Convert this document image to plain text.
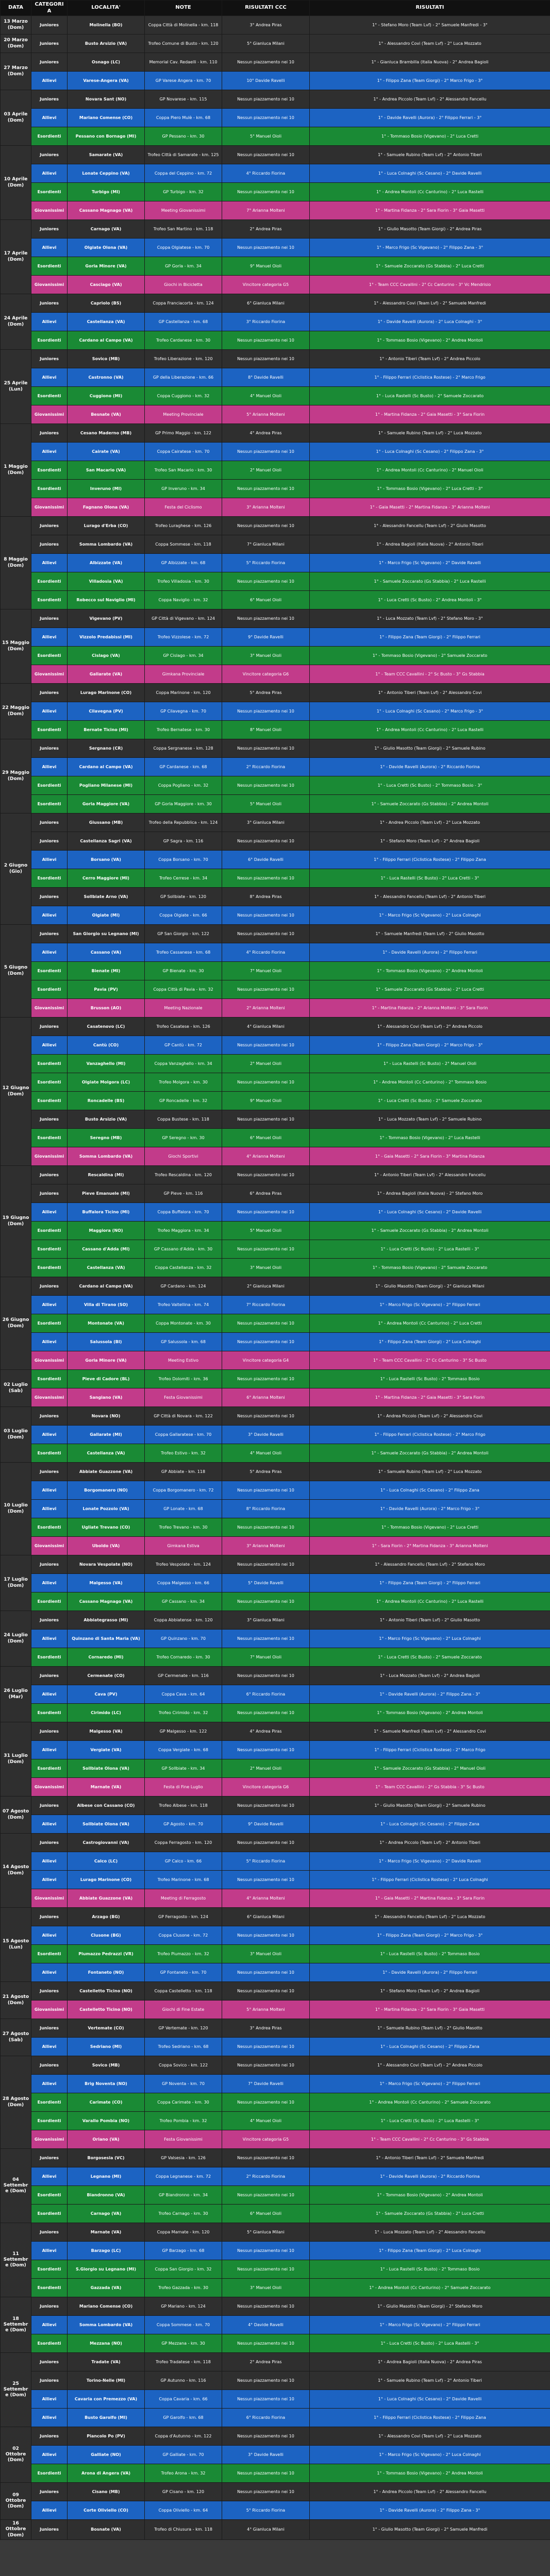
DATA	CATEGORIA	LOCALITA'	NOTE	RISULTATI CCC	RISULTATI
13 Marzo (Dom)	Juniores	Molinella (BO)	Coppa Città di Molinella - km. 118	3° Andrea Piras	1° - Stefano Moro (Team Lvf) - 2° Samuele Manfredi - 3°
20 Marzo (Dom)	Juniores	Busto Arsizio (VA)	Trofeo Comune di Busto - km. 120	5° Gianluca Milani	1° - Alessandro Covi (Team Lvf) - 2° Luca Mozzato
27 Marzo (Dom)	Juniores	Osnago (LC)	Memorial Cav. Redaelli - km. 110	Nessun piazzamento nei 10	1° - Gianluca Brambilla (Italia Nuova) - 2° Andrea Bagioli
	Allievi	Varese-Angera (VA)	GP Varese Angera - km. 70	10° Davide Ravelli	1° - Filippo Zana (Team Giorgi) - 2° Marco Frigo - 3°
03 Aprile (Dom)	Juniores	Novara Sant (NO)	GP Novarese - km. 115	Nessun piazzamento nei 10	1° - Andrea Piccolo (Team Lvf) - 2° Alessandro Fancellu
	Allievi	Mariano Comense (CO)	Coppa Piero Mulè - km. 68	Nessun piazzamento nei 10	1° - Davide Ravelli (Aurora) - 2° Filippo Ferrari - 3°
	Esordienti	Pessano con Bornago (MI)	GP Pessano - km. 30	5° Manuel Oioli	1° - Tommaso Bosio (Vigevano) - 2° Luca Cretti
10 Aprile (Dom)	Juniores	Samarate (VA)	Trofeo Città di Samarate - km. 125	Nessun piazzamento nei 10	1° - Samuele Rubino (Team Lvf) - 2° Antonio Tiberi
	Allievi	Lonate Ceppino (VA)	Coppa del Ceppino - km. 72	4° Riccardo Fiorina	1° - Luca Colnaghi (Sc Cesano) - 2° Davide Ravelli
	Esordienti	Turbigo (MI)	GP Turbigo - km. 32	Nessun piazzamento nei 10	1° - Andrea Montoli (Cc Canturino) - 2° Luca Rastelli
	Giovanissimi	Cassano Magnago (VA)	Meeting Giovanissimi	7° Arianna Molteni	1° - Martina Fidanza - 2° Sara Fiorin - 3° Gaia Masetti
17 Aprile (Dom)	Juniores	Carnago (VA)	Trofeo San Martino - km. 118	2° Andrea Piras	1° - Giulio Masotto (Team Giorgi) - 2° Andrea Piras
	Allievi	Olgiate Olona (VA)	Coppa Olgiatese - km. 70	Nessun piazzamento nei 10	1° - Marco Frigo (Sc Vigevano) - 2° Filippo Zana - 3°
	Esordienti	Gorla Minore (VA)	GP Gorla - km. 34	9° Manuel Oioli	1° - Samuele Zoccarato (Gs Stabbia) - 2° Luca Cretti
	Giovanissimi	Casciago (VA)	Giochi in Bicicletta	Vincitore categoria G5	1° - Team CCC Cavallini - 2° Cc Canturino - 3° Vc Mendrisio
24 Aprile (Dom)	Juniores	Capriolo (BS)	Coppa Franciacorta - km. 124	6° Gianluca Milani	1° - Alessandro Covi (Team Lvf) - 2° Samuele Manfredi
	Allievi	Castellanza (VA)	GP Castellanza - km. 68	3° Riccardo Fiorina	1° - Davide Ravelli (Aurora) - 2° Luca Colnaghi - 3°
	Esordienti	Cardano al Campo (VA)	Trofeo Cardanese - km. 30	Nessun piazzamento nei 10	1° - Tommaso Bosio (Vigevano) - 2° Andrea Montoli
25 Aprile (Lun)	Juniores	Sovico (MB)	Trofeo Liberazione - km. 120	Nessun piazzamento nei 10	1° - Antonio Tiberi (Team Lvf) - 2° Andrea Piccolo
	Allievi	Castronno (VA)	GP della Liberazione - km. 66	8° Davide Ravelli	1° - Filippo Ferrari (Ciclistica Rostese) - 2° Marco Frigo
	Esordienti	Cuggiono (MI)	Coppa Cuggiono - km. 32	4° Manuel Oioli	1° - Luca Rastelli (Sc Busto) - 2° Samuele Zoccarato
	Giovanissimi	Besnate (VA)	Meeting Provinciale	5° Arianna Molteni	1° - Martina Fidanza - 2° Gaia Masetti - 3° Sara Fiorin
1 Maggio (Dom)	Juniores	Cesano Maderno (MB)	GP Primo Maggio - km. 122	4° Andrea Piras	1° - Samuele Rubino (Team Lvf) - 2° Luca Mozzato
	Allievi	Cairate (VA)	Coppa Cairatese - km. 70	Nessun piazzamento nei 10	1° - Luca Colnaghi (Sc Cesano) - 2° Filippo Zana - 3°
	Esordienti	San Macario (VA)	Trofeo San Macario - km. 30	2° Manuel Oioli	1° - Andrea Montoli (Cc Canturino) - 2° Manuel Oioli
	Esordienti	Inveruno (MI)	GP Inveruno - km. 34	Nessun piazzamento nei 10	1° - Tommaso Bosio (Vigevano) - 2° Luca Cretti - 3°
	Giovanissimi	Fagnano Olona (VA)	Festa del Ciclismo	3° Arianna Molteni	1° - Gaia Masetti - 2° Martina Fidanza - 3° Arianna Molteni
8 Maggio (Dom)	Juniores	Lurago d'Erba (CO)	Trofeo Luraghese - km. 126	Nessun piazzamento nei 10	1° - Alessandro Fancellu (Team Lvf) - 2° Giulio Masotto
	Juniores	Somma Lombardo (VA)	Coppa Sommese - km. 118	7° Gianluca Milani	1° - Andrea Bagioli (Italia Nuova) - 2° Antonio Tiberi
	Allievi	Albizzate (VA)	GP Albizzate - km. 68	5° Riccardo Fiorina	1° - Marco Frigo (Sc Vigevano) - 2° Davide Ravelli
	Esordienti	Villadosia (VA)	Trofeo Villadosia - km. 30	Nessun piazzamento nei 10	1° - Samuele Zoccarato (Gs Stabbia) - 2° Luca Rastelli
	Esordienti	Robecco sul Naviglio (MI)	Coppa Naviglio - km. 32	6° Manuel Oioli	1° - Luca Cretti (Sc Busto) - 2° Andrea Montoli - 3°
15 Maggio (Dom)	Juniores	Vigevano (PV)	GP Città di Vigevano - km. 124	Nessun piazzamento nei 10	1° - Luca Mozzato (Team Lvf) - 2° Stefano Moro - 3°
	Allievi	Vizzolo Predabissi (MI)	Trofeo Vizzolese - km. 72	9° Davide Ravelli	1° - Filippo Zana (Team Giorgi) - 2° Filippo Ferrari
	Esordienti	Cislago (VA)	GP Cislago - km. 34	3° Manuel Oioli	1° - Tommaso Bosio (Vigevano) - 2° Samuele Zoccarato
	Giovanissimi	Gallarate (VA)	Gimkana Provinciale	Vincitore categoria G6	1° - Team CCC Cavallini - 2° Sc Busto - 3° Gs Stabbia
22 Maggio (Dom)	Juniores	Lurago Marinone (CO)	Coppa Marinone - km. 120	5° Andrea Piras	1° - Antonio Tiberi (Team Lvf) - 2° Alessandro Covi
	Allievi	Cilavegna (PV)	GP Cilavegna - km. 70	Nessun piazzamento nei 10	1° - Luca Colnaghi (Sc Cesano) - 2° Marco Frigo - 3°
	Esordienti	Bernate Ticino (MI)	Trofeo Bernatese - km. 30	8° Manuel Oioli	1° - Andrea Montoli (Cc Canturino) - 2° Luca Rastelli
29 Maggio (Dom)	Juniores	Sergnano (CR)	Coppa Sergnanese - km. 128	Nessun piazzamento nei 10	1° - Giulio Masotto (Team Giorgi) - 2° Samuele Rubino
	Allievi	Cardano al Campo (VA)	GP Cardanese - km. 68	2° Riccardo Fiorina	1° - Davide Ravelli (Aurora) - 2° Riccardo Fiorina
	Esordienti	Pogliano Milanese (MI)	Coppa Pogliano - km. 32	Nessun piazzamento nei 10	1° - Luca Cretti (Sc Busto) - 2° Tommaso Bosio - 3°
	Esordienti	Gorla Maggiore (VA)	GP Gorla Maggiore - km. 30	5° Manuel Oioli	1° - Samuele Zoccarato (Gs Stabbia) - 2° Andrea Montoli
2 Giugno (Gio)	Juniores	Giussano (MB)	Trofeo della Repubblica - km. 124	3° Gianluca Milani	1° - Andrea Piccolo (Team Lvf) - 2° Luca Mozzato
	Juniores	Castellanza Sagri (VA)	GP Sagra - km. 116	Nessun piazzamento nei 10	1° - Stefano Moro (Team Lvf) - 2° Andrea Bagioli
	Allievi	Borsano (VA)	Coppa Borsano - km. 70	6° Davide Ravelli	1° - Filippo Ferrari (Ciclistica Rostese) - 2° Filippo Zana
	Esordienti	Cerro Maggiore (MI)	Trofeo Cerrese - km. 34	Nessun piazzamento nei 10	1° - Luca Rastelli (Sc Busto) - 2° Luca Cretti - 3°
	Juniores	Sollbiate Arno (VA)	GP Sollbiate - km. 120	8° Andrea Piras	1° - Alessandro Fancellu (Team Lvf) - 2° Antonio Tiberi
	Allievi	Olgiate (MI)	Coppa Olgiate - km. 66	Nessun piazzamento nei 10	1° - Marco Frigo (Sc Vigevano) - 2° Luca Colnaghi
5 Giugno (Dom)	Juniores	San Giorgio su Legnano (MI)	GP San Giorgio - km. 122	Nessun piazzamento nei 10	1° - Samuele Manfredi (Team Lvf) - 2° Giulio Masotto
	Allievi	Cassano (VA)	Trofeo Cassanese - km. 68	4° Riccardo Fiorina	1° - Davide Ravelli (Aurora) - 2° Filippo Ferrari
	Esordienti	Bienate (MI)	GP Bienate - km. 30	7° Manuel Oioli	1° - Tommaso Bosio (Vigevano) - 2° Andrea Montoli
	Esordienti	Pavia (PV)	Coppa Città di Pavia - km. 32	Nessun piazzamento nei 10	1° - Samuele Zoccarato (Gs Stabbia) - 2° Luca Cretti
	Giovanissimi	Brusson (AO)	Meeting Nazionale	2° Arianna Molteni	1° - Martina Fidanza - 2° Arianna Molteni - 3° Sara Fiorin
12 Giugno (Dom)	Juniores	Casatenovo (LC)	Trofeo Casatese - km. 126	4° Gianluca Milani	1° - Alessandro Covi (Team Lvf) - 2° Andrea Piccolo
	Allievi	Cantù (CO)	GP Cantù - km. 72	Nessun piazzamento nei 10	1° - Filippo Zana (Team Giorgi) - 2° Marco Frigo - 3°
	Esordienti	Vanzaghello (MI)	Coppa Vanzaghello - km. 34	2° Manuel Oioli	1° - Luca Rastelli (Sc Busto) - 2° Manuel Oioli
	Esordienti	Olgiate Molgora (LC)	Trofeo Molgora - km. 30	Nessun piazzamento nei 10	1° - Andrea Montoli (Cc Canturino) - 2° Tommaso Bosio
	Esordienti	Roncadelle (BS)	GP Roncadelle - km. 32	9° Manuel Oioli	1° - Luca Cretti (Sc Busto) - 2° Samuele Zoccarato
	Juniores	Busto Arsizio (VA)	Coppa Bustese - km. 118	Nessun piazzamento nei 10	1° - Luca Mozzato (Team Lvf) - 2° Samuele Rubino
	Esordienti	Seregno (MB)	GP Seregno - km. 30	6° Manuel Oioli	1° - Tommaso Bosio (Vigevano) - 2° Luca Rastelli
	Giovanissimi	Somma Lombardo (VA)	Giochi Sportivi	4° Arianna Molteni	1° - Gaia Masetti - 2° Sara Fiorin - 3° Martina Fidanza
19 Giugno (Dom)	Juniores	Rescaldina (MI)	Trofeo Rescaldina - km. 120	Nessun piazzamento nei 10	1° - Antonio Tiberi (Team Lvf) - 2° Alessandro Fancellu
	Juniores	Pieve Emanuele (MI)	GP Pieve - km. 116	6° Andrea Piras	1° - Andrea Bagioli (Italia Nuova) - 2° Stefano Moro
	Allievi	Buffalora Ticino (MI)	Coppa Buffalora - km. 70	Nessun piazzamento nei 10	1° - Luca Colnaghi (Sc Cesano) - 2° Davide Ravelli
	Esordienti	Maggiora (NO)	Trofeo Maggiora - km. 34	5° Manuel Oioli	1° - Samuele Zoccarato (Gs Stabbia) - 2° Andrea Montoli
	Esordienti	Cassano d'Adda (MI)	GP Cassano d'Adda - km. 30	Nessun piazzamento nei 10	1° - Luca Cretti (Sc Busto) - 2° Luca Rastelli - 3°
	Esordienti	Castellanza (VA)	Coppa Castellanza - km. 32	3° Manuel Oioli	1° - Tommaso Bosio (Vigevano) - 2° Samuele Zoccarato
26 Giugno (Dom)	Juniores	Cardano al Campo (VA)	GP Cardano - km. 124	2° Gianluca Milani	1° - Giulio Masotto (Team Giorgi) - 2° Gianluca Milani
	Allievi	Villa di Tirano (SO)	Trofeo Valtellina - km. 74	7° Riccardo Fiorina	1° - Marco Frigo (Sc Vigevano) - 2° Filippo Ferrari
	Esordienti	Montonate (VA)	Coppa Montonate - km. 30	Nessun piazzamento nei 10	1° - Andrea Montoli (Cc Canturino) - 2° Luca Cretti
	Allievi	Salussola (BI)	GP Salussola - km. 68	Nessun piazzamento nei 10	1° - Filippo Zana (Team Giorgi) - 2° Luca Colnaghi
	Giovanissimi	Gorla Minore (VA)	Meeting Estivo	Vincitore categoria G4	1° - Team CCC Cavallini - 2° Cc Canturino - 3° Sc Busto
02 Luglio (Sab)	Esordienti	Pieve di Cadore (BL)	Trofeo Dolomiti - km. 36	Nessun piazzamento nei 10	1° - Luca Rastelli (Sc Busto) - 2° Tommaso Bosio
	Giovanissimi	Sangiano (VA)	Festa Giovanissimi	6° Arianna Molteni	1° - Martina Fidanza - 2° Gaia Masetti - 3° Sara Fiorin
03 Luglio (Dom)	Juniores	Novara (NO)	GP Città di Novara - km. 122	Nessun piazzamento nei 10	1° - Andrea Piccolo (Team Lvf) - 2° Alessandro Covi
	Allievi	Gallarate (MI)	Coppa Gallaratese - km. 70	3° Davide Ravelli	1° - Filippo Ferrari (Ciclistica Rostese) - 2° Marco Frigo
	Esordienti	Castellanza (VA)	Trofeo Estivo - km. 32	4° Manuel Oioli	1° - Samuele Zoccarato (Gs Stabbia) - 2° Andrea Montoli
10 Luglio (Dom)	Juniores	Abbiate Guazzone (VA)	GP Abbiate - km. 118	5° Andrea Piras	1° - Samuele Rubino (Team Lvf) - 2° Luca Mozzato
	Allievi	Borgomanero (NO)	Coppa Borgomanero - km. 72	Nessun piazzamento nei 10	1° - Luca Colnaghi (Sc Cesano) - 2° Filippo Zana
	Allievi	Lonate Pozzolo (VA)	GP Lonate - km. 68	8° Riccardo Fiorina	1° - Davide Ravelli (Aurora) - 2° Marco Frigo - 3°
	Esordienti	Ugliate Trevano (CO)	Trofeo Trevano - km. 30	Nessun piazzamento nei 10	1° - Tommaso Bosio (Vigevano) - 2° Luca Cretti
	Giovanissimi	Uboldo (VA)	Gimkana Estiva	3° Arianna Molteni	1° - Sara Fiorin - 2° Martina Fidanza - 3° Arianna Molteni
17 Luglio (Dom)	Juniores	Novara Vespolate (NO)	Trofeo Vespolate - km. 124	Nessun piazzamento nei 10	1° - Alessandro Fancellu (Team Lvf) - 2° Stefano Moro
	Allievi	Malgesso (VA)	Coppa Malgesso - km. 66	5° Davide Ravelli	1° - Filippo Zana (Team Giorgi) - 2° Filippo Ferrari
	Esordienti	Cassano Magnago (VA)	GP Cassano - km. 34	Nessun piazzamento nei 10	1° - Andrea Montoli (Cc Canturino) - 2° Luca Rastelli
24 Luglio (Dom)	Juniores	Abbiategrasso (MI)	Coppa Abbiatense - km. 120	3° Gianluca Milani	1° - Antonio Tiberi (Team Lvf) - 2° Giulio Masotto
	Allievi	Quinzano di Santa Maria (VA)	GP Quinzano - km. 70	Nessun piazzamento nei 10	1° - Marco Frigo (Sc Vigevano) - 2° Luca Colnaghi
	Esordienti	Cornaredo (MI)	Trofeo Cornaredo - km. 30	7° Manuel Oioli	1° - Luca Cretti (Sc Busto) - 2° Samuele Zoccarato
26 Luglio (Mar)	Juniores	Cermenate (CO)	GP Cermenate - km. 116	Nessun piazzamento nei 10	1° - Luca Mozzato (Team Lvf) - 2° Andrea Bagioli
	Allievi	Cava (PV)	Coppa Cava - km. 64	6° Riccardo Fiorina	1° - Davide Ravelli (Aurora) - 2° Filippo Zana - 3°
	Esordienti	Cirimido (LC)	Trofeo Cirimido - km. 32	Nessun piazzamento nei 10	1° - Tommaso Bosio (Vigevano) - 2° Andrea Montoli
31 Luglio (Dom)	Juniores	Malgesso (VA)	GP Malgesso - km. 122	4° Andrea Piras	1° - Samuele Manfredi (Team Lvf) - 2° Alessandro Covi
	Allievi	Vergiate (VA)	Coppa Vergiate - km. 68	Nessun piazzamento nei 10	1° - Filippo Ferrari (Ciclistica Rostese) - 2° Marco Frigo
	Esordienti	Sollbiate Olona (VA)	GP Sollbiate - km. 34	2° Manuel Oioli	1° - Samuele Zoccarato (Gs Stabbia) - 2° Manuel Oioli
	Giovanissimi	Marnate (VA)	Festa di Fine Luglio	Vincitore categoria G6	1° - Team CCC Cavallini - 2° Gs Stabbia - 3° Sc Busto
07 Agosto (Dom)	Juniores	Albese con Cassano (CO)	Trofeo Albese - km. 118	Nessun piazzamento nei 10	1° - Giulio Masotto (Team Giorgi) - 2° Samuele Rubino
	Allievi	Sollbiate Olona (VA)	GP Agosto - km. 70	9° Davide Ravelli	1° - Luca Colnaghi (Sc Cesano) - 2° Filippo Zana
14 Agosto (Dom)	Juniores	Castrogiovanni (VA)	Coppa Ferragosto - km. 120	Nessun piazzamento nei 10	1° - Andrea Piccolo (Team Lvf) - 2° Antonio Tiberi
	Allievi	Calco (LC)	GP Calco - km. 66	5° Riccardo Fiorina	1° - Marco Frigo (Sc Vigevano) - 2° Davide Ravelli
	Allievi	Lurago Marinone (CO)	Trofeo Marinone - km. 68	Nessun piazzamento nei 10	1° - Filippo Ferrari (Ciclistica Rostese) - 2° Luca Colnaghi
	Giovanissimi	Abbiate Guazzone (VA)	Meeting di Ferragosto	4° Arianna Molteni	1° - Gaia Masetti - 2° Martina Fidanza - 3° Sara Fiorin
15 Agosto (Lun)	Juniores	Arzago (BG)	GP Ferragosto - km. 124	6° Gianluca Milani	1° - Alessandro Fancellu (Team Lvf) - 2° Luca Mozzato
	Allievi	Clusone (BG)	Coppa Clusone - km. 72	Nessun piazzamento nei 10	1° - Filippo Zana (Team Giorgi) - 2° Marco Frigo - 3°
	Esordienti	Piumazzo Pedrazzi (VR)	Trofeo Piumazzo - km. 32	3° Manuel Oioli	1° - Luca Rastelli (Sc Busto) - 2° Tommaso Bosio
	Allievi	Fontaneto (NO)	GP Fontaneto - km. 70	Nessun piazzamento nei 10	1° - Davide Ravelli (Aurora) - 2° Filippo Ferrari
21 Agosto (Dom)	Juniores	Castelletto Ticino (NO)	Coppa Castelletto - km. 118	Nessun piazzamento nei 10	1° - Stefano Moro (Team Lvf) - 2° Andrea Bagioli
	Giovanissimi	Castelletto Ticino (NO)	Giochi di Fine Estate	5° Arianna Molteni	1° - Martina Fidanza - 2° Sara Fiorin - 3° Gaia Masetti
27 Agosto (Sab)	Juniores	Vertemate (CO)	GP Vertemate - km. 120	3° Andrea Piras	1° - Samuele Rubino (Team Lvf) - 2° Giulio Masotto
	Allievi	Sedriano (MI)	Trofeo Sedriano - km. 68	Nessun piazzamento nei 10	1° - Luca Colnaghi (Sc Cesano) - 2° Filippo Zana
28 Agosto (Dom)	Juniores	Sovico (MB)	Coppa Sovico - km. 122	Nessun piazzamento nei 10	1° - Alessandro Covi (Team Lvf) - 2° Andrea Piccolo
	Allievi	Brig Noventa (NO)	GP Noventa - km. 70	7° Davide Ravelli	1° - Marco Frigo (Sc Vigevano) - 2° Filippo Ferrari
	Esordienti	Carimate (CO)	Coppa Carimate - km. 30	Nessun piazzamento nei 10	1° - Andrea Montoli (Cc Canturino) - 2° Samuele Zoccarato
	Esordienti	Varallo Pombia (NO)	Trofeo Pombia - km. 32	4° Manuel Oioli	1° - Luca Cretti (Sc Busto) - 2° Luca Rastelli - 3°
	Giovanissimi	Oriano (VA)	Festa Giovanissimi	Vincitore categoria G5	1° - Team CCC Cavallini - 2° Cc Canturino - 3° Gs Stabbia
04 Settembre (Dom)	Juniores	Borgosesia (VC)	GP Valsesia - km. 126	Nessun piazzamento nei 10	1° - Antonio Tiberi (Team Lvf) - 2° Samuele Manfredi
	Allievi	Legnano (MI)	Coppa Legnanese - km. 72	2° Riccardo Fiorina	1° - Davide Ravelli (Aurora) - 2° Riccardo Fiorina
	Esordienti	Biandronno (VA)	GP Biandronno - km. 34	Nessun piazzamento nei 10	1° - Tommaso Bosio (Vigevano) - 2° Andrea Montoli
	Esordienti	Carnago (VA)	Trofeo Carnago - km. 30	6° Manuel Oioli	1° - Samuele Zoccarato (Gs Stabbia) - 2° Luca Cretti
11 Settembre (Dom)	Juniores	Marnate (VA)	Coppa Marnate - km. 120	5° Gianluca Milani	1° - Luca Mozzato (Team Lvf) - 2° Alessandro Fancellu
	Allievi	Barzago (LC)	GP Barzago - km. 68	Nessun piazzamento nei 10	1° - Filippo Zana (Team Giorgi) - 2° Luca Colnaghi
	Esordienti	S.Giorgio su Legnano (MI)	Coppa San Giorgio - km. 32	Nessun piazzamento nei 10	1° - Luca Rastelli (Sc Busto) - 2° Tommaso Bosio
	Esordienti	Gazzada (VA)	Trofeo Gazzada - km. 30	3° Manuel Oioli	1° - Andrea Montoli (Cc Canturino) - 2° Samuele Zoccarato
18 Settembre (Dom)	Juniores	Mariano Comense (CO)	GP Mariano - km. 124	Nessun piazzamento nei 10	1° - Giulio Masotto (Team Giorgi) - 2° Stefano Moro
	Allievi	Somma Lombardo (VA)	Coppa Sommese - km. 70	4° Davide Ravelli	1° - Marco Frigo (Sc Vigevano) - 2° Filippo Ferrari
	Esordienti	Mezzana (NO)	GP Mezzana - km. 30	Nessun piazzamento nei 10	1° - Luca Cretti (Sc Busto) - 2° Luca Rastelli - 3°
25 Settembre (Dom)	Juniores	Tradate (VA)	Trofeo Tradatese - km. 118	2° Andrea Piras	1° - Andrea Bagioli (Italia Nuova) - 2° Andrea Piras
	Juniores	Torino-Nelle (MI)	GP Autunno - km. 116	Nessun piazzamento nei 10	1° - Samuele Rubino (Team Lvf) - 2° Antonio Tiberi
	Allievi	Cavaria con Premezzo (VA)	Coppa Cavaria - km. 66	Nessun piazzamento nei 10	1° - Luca Colnaghi (Sc Cesano) - 2° Davide Ravelli
	Allievi	Busto Garolfo (MI)	GP Garolfo - km. 68	6° Riccardo Fiorina	1° - Filippo Ferrari (Ciclistica Rostese) - 2° Filippo Zana
02 Ottobre (Dom)	Juniores	Piancolo Po (PV)	Coppa d'Autunno - km. 122	Nessun piazzamento nei 10	1° - Alessandro Covi (Team Lvf) - 2° Luca Mozzato
	Allievi	Galliate (NO)	GP Galliate - km. 70	3° Davide Ravelli	1° - Marco Frigo (Sc Vigevano) - 2° Luca Colnaghi
	Esordienti	Arona di Angera (VA)	Trofeo Arona - km. 32	Nessun piazzamento nei 10	1° - Tommaso Bosio (Vigevano) - 2° Andrea Montoli
09 Ottobre (Dom)	Juniores	Cisano (MB)	GP Cisano - km. 120	Nessun piazzamento nei 10	1° - Andrea Piccolo (Team Lvf) - 2° Alessandro Fancellu
	Allievi	Corte Oliviello (CO)	Coppa Oliviello - km. 64	5° Riccardo Fiorina	1° - Davide Ravelli (Aurora) - 2° Filippo Zana - 3°
16 Ottobre (Dom)	Juniores	Bosnate (VA)	Trofeo di Chiusura - km. 118	4° Gianluca Milani	1° - Giulio Masotto (Team Giorgi) - 2° Samuele Manfredi
